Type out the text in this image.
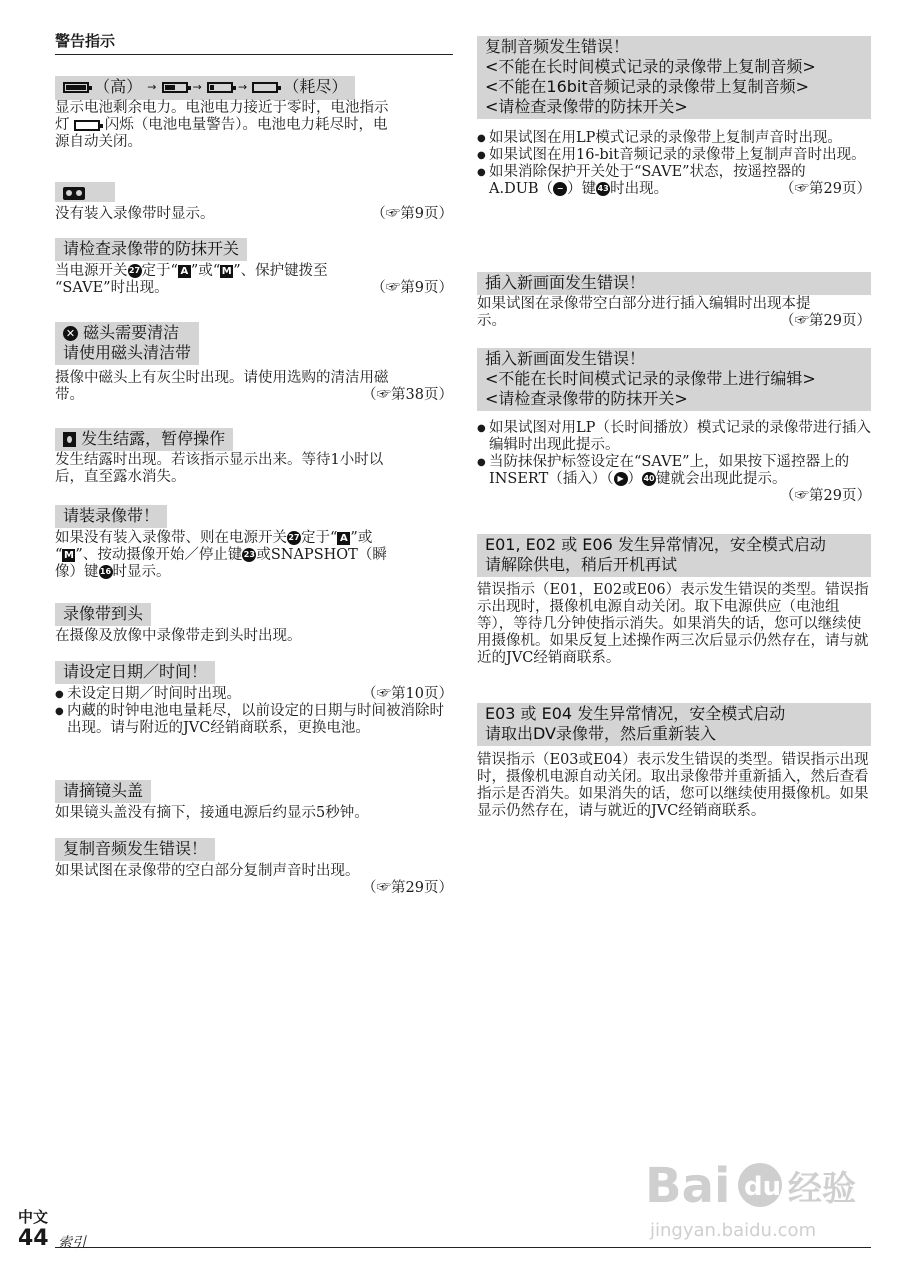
警告指示
（高） →	→	→ （耗尽）

显示电池剩余电力。电池电力接近于零时，电池指示
灯 闪烁（电池电量警告）。电池电力耗尽时，电
源自动关闭。

没有装入录像带时显示。	（☞第9页）

请检查录像带的防抹开关

当电源开关27定于“ A ”或“ M ”、保护键拨至
“SAVE”时出现。	（☞第9页）

✕ 磁头需要清洁
请使用磁头清洁带

摄像中磁头上有灰尘时出现。请使用选购的清洁用磁
带。	（☞第38页）

发生结露，暂停操作

发生结露时出现。若该指示显示出来。等待1小时以
后，直至露水消失。

请装录像带！

如果没有装入录像带、则在电源开关27定于“ A ”或
“ M ”、按动摄像开始／停止键23或SNAPSHOT（瞬
像）键16时显示。

录像带到头

在摄像及放像中录像带走到头时出现。

请设定日期／时间！

● 未设定日期／时间时出现。	（☞第10页）

● 内藏的时钟电池电量耗尽，以前设定的日期与时间被消除时出现。请与附近的JVC经销商联系，更换电池。

请摘镜头盖

如果镜头盖没有摘下，接通电源后约显示5秒钟。

复制音频发生错误！

如果试图在录像带的空白部分复制声音时出现。
（☞第29页）

复制音频发生错误！
<不能在长时间模式记录的录像带上复制音频>
<不能在16bit音频记录的录像带上复制音频>
<请检查录像带的防抹开关>

● 如果试图在用LP模式记录的录像带上复制声音时出现。

● 如果试图在用16-bit音频记录的录像带上复制声音时出现。

● 如果消除保护开关处于“SAVE”状态，按遥控器的
A.DUB（ − ）键43时出现。	（☞第29页）

插入新画面发生错误！

如果试图在录像带空白部分进行插入编辑时出现本提
示。	（☞第29页）

插入新画面发生错误！
<不能在长时间模式记录的录像带上进行编辑>
<请检查录像带的防抹开关>

● 如果试图对用LP（长时间播放）模式记录的录像带进行插入编辑时出现此提示。

● 当防抹保护标签设定在“SAVE”上，如果按下遥控器上的INSERT（插入）（ ▶ ）40键就会出现此提示。
（☞第29页）

E01, E02 或 E06 发生异常情况，安全模式启动
请解除供电，稍后开机再试

错误指示（E01，E02或E06）表示发生错误的类型。错误指示出现时，摄像机电源自动关闭。取下电源供应（电池组等），等待几分钟使指示消失。如果消失的话，您可以继续使用摄像机。如果反复上述操作两三次后显示仍然存在，请与就近的JVC经销商联系。

E03 或 E04 发生异常情况，安全模式启动
请取出DV录像带，然后重新装入

错误指示（E03或E04）表示发生错误的类型。错误指示出现时，摄像机电源自动关闭。取出录像带并重新插入，然后查看指示是否消失。如果消失的话，您可以继续使用摄像机。如果显示仍然存在，请与就近的JVC经销商联系。

Bai du 经验
jingyan.baidu.com
中文
44 索引
